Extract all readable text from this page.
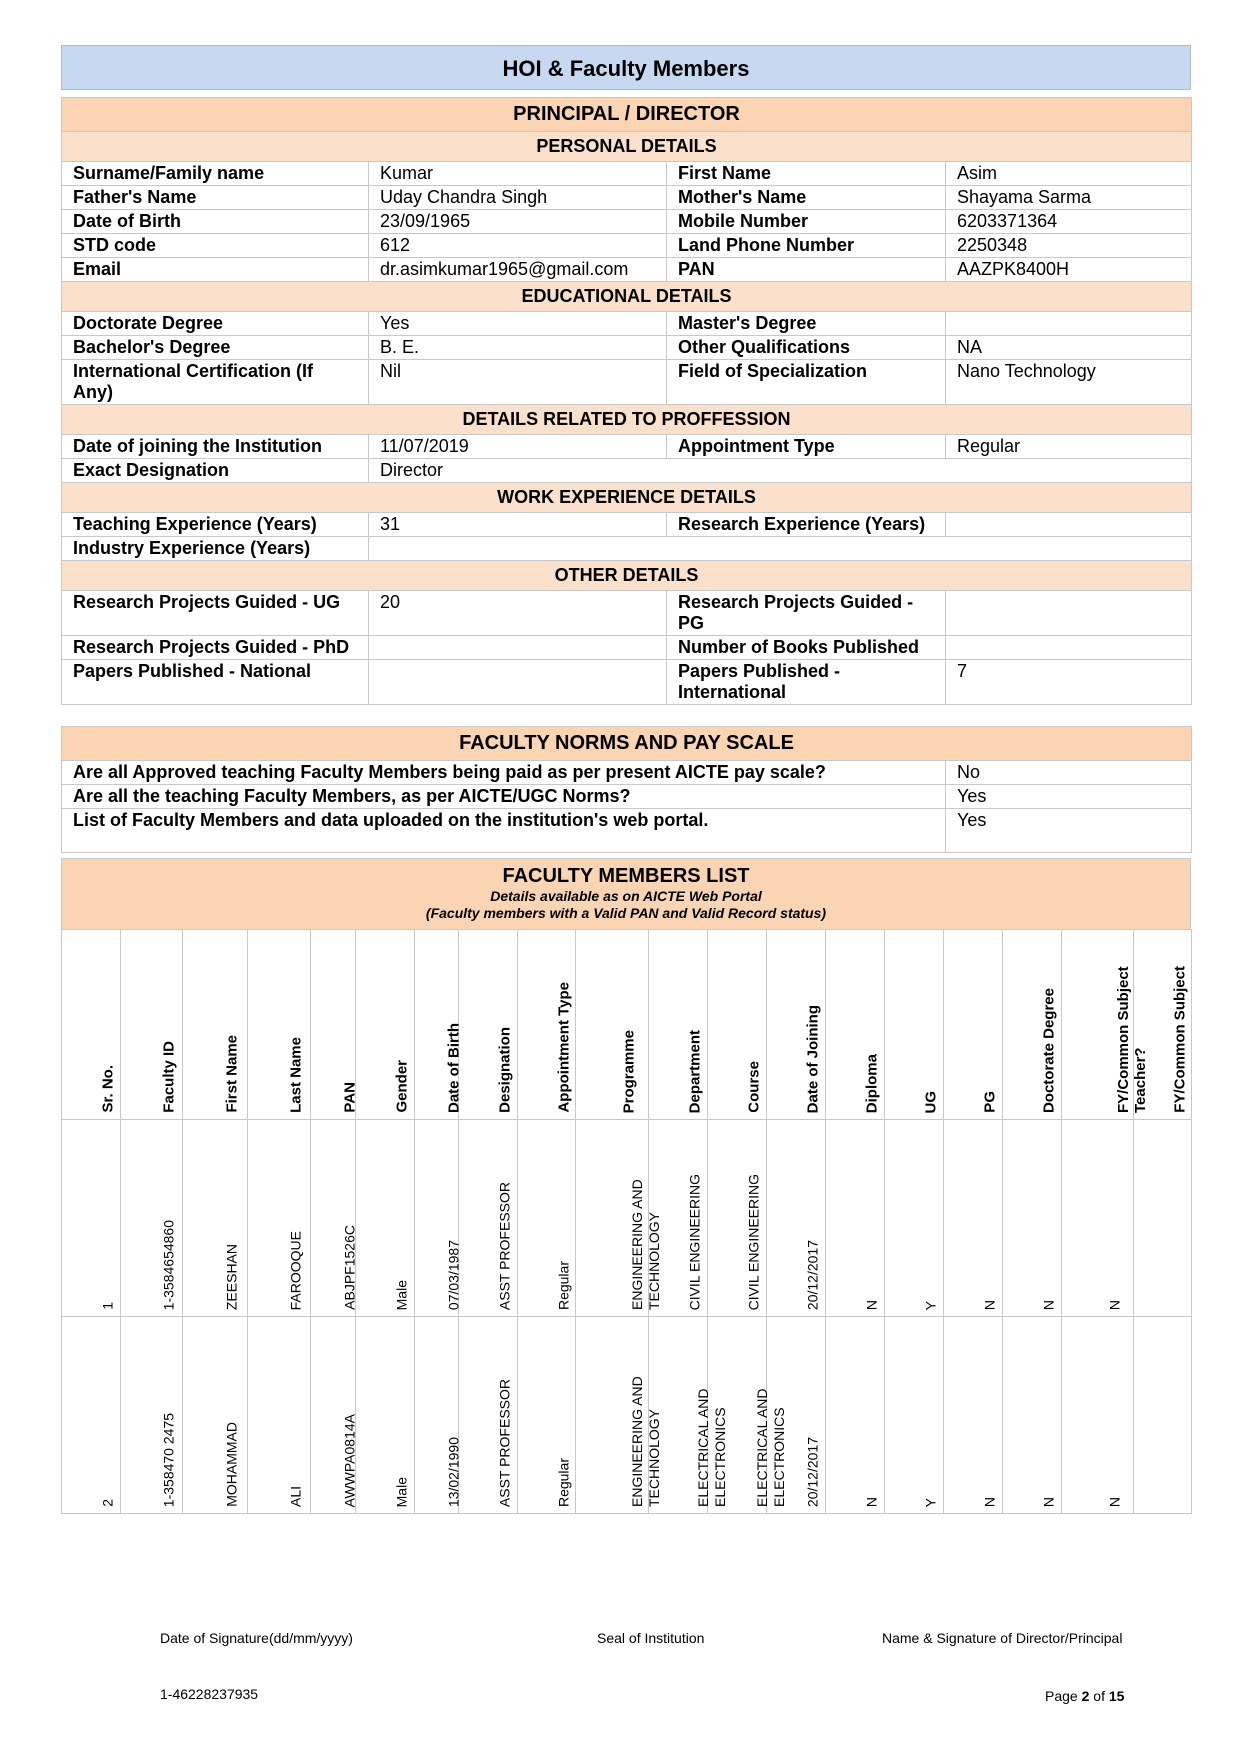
HOI & Faculty Members
PRINCIPAL / DIRECTOR			
PERSONAL DETAILS			
Surname/Family name	Kumar	First Name	Asim
Father's Name	Uday Chandra Singh	Mother's Name	Shayama Sarma
Date of Birth	23/09/1965	Mobile Number	6203371364
STD code	612	Land Phone Number	2250348
Email	dr.asimkumar1965@gmail.com	PAN	AAZPK8400H
EDUCATIONAL DETAILS			
Doctorate Degree	Yes	Master's Degree	
Bachelor's Degree	B. E.	Other Qualifications	NA
International Certification (If Any)	Nil	Field of Specialization	Nano Technology
DETAILS RELATED TO PROFFESSION			
Date of joining the Institution	11/07/2019	Appointment Type	Regular
Exact Designation	Director		
WORK EXPERIENCE DETAILS			
Teaching Experience (Years)	31	Research Experience (Years)	
Industry Experience (Years)			
OTHER DETAILS			
Research Projects Guided - UG	20	Research Projects Guided - PG	
Research Projects Guided - PhD		Number of Books Published	
Papers Published - National		Papers Published - International	7
FACULTY NORMS AND PAY SCALE	
Are all Approved teaching Faculty Members being paid as per present AICTE pay scale?	No
Are all the teaching Faculty Members, as per AICTE/UGC Norms?	Yes
List of Faculty Members and data uploaded on the institution's web portal.	Yes
FACULTY MEMBERS LIST
Details available as on AICTE Web Portal
(Faculty members with a Valid PAN and Valid Record status)
Sr. No.	Faculty ID	First Name	Last Name	PAN	Gender	Date of Birth	Designation	Appointment Type	Programme	Department	Course	Date of Joining	Diploma	UG	PG	Doctorate Degree	FY/Common Subject Teacher?	FY/Common Subject

1	1-3584654860	ZEESHAN	FAROOQUE	ABJPF1526C	Male	07/03/1987	ASST PROFESSOR	Regular	ENGINEERING AND TECHNOLOGY	CIVIL ENGINEERING	CIVIL ENGINEERING	20/12/2017	N	Y	N	N	N	

2	1-358470 2475	MOHAMMAD	ALI	AWWPA0814A	Male	13/02/1990	ASST PROFESSOR	Regular	ENGINEERING AND TECHNOLOGY	ELECTRICAL AND ELECTRONICS	ELECTRICAL AND ELECTRONICS	20/12/2017	N	Y	N	N	N	

Date of Signature(dd/mm/yyyy)	Seal of Institution	Name & Signature of Director/Principal
1-46228237935	Page 2 of 15
